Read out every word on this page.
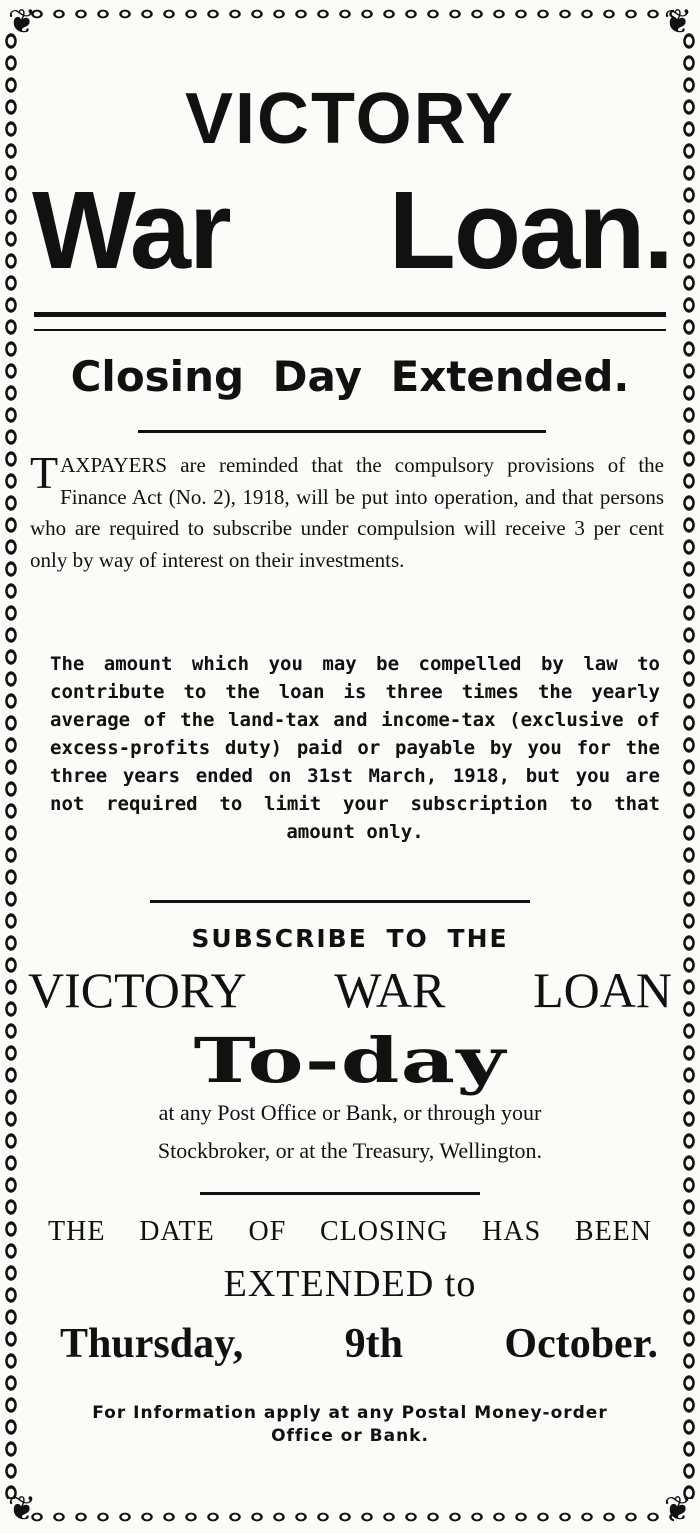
❦	❦
❦	❦
VICTORY
War Loan.
Closing Day Extended.
TAXPAYERS are reminded that the compulsory provisions of the Finance Act (No. 2), 1918, will be put into operation, and that persons who are required to subscribe under compulsion will receive 3 per cent only by way of interest on their investments.
The amount which you may be compelled by law to contribute to the loan is three times the yearly average of the land-tax and income-tax (exclusive of excess-profits duty) paid or payable by you for the three years ended on 31st March, 1918, but you are not required to limit your subscription to that amount only.
SUBSCRIBE TO THE
VICTORY WAR LOAN
To-day
at any Post Office or Bank, or through your
Stockbroker, or at the Treasury, Wellington.
THE DATE OF CLOSING HAS BEEN
EXTENDED to
Thursday, 9th October.
For Information apply at any Postal Money-order
Office or Bank.
